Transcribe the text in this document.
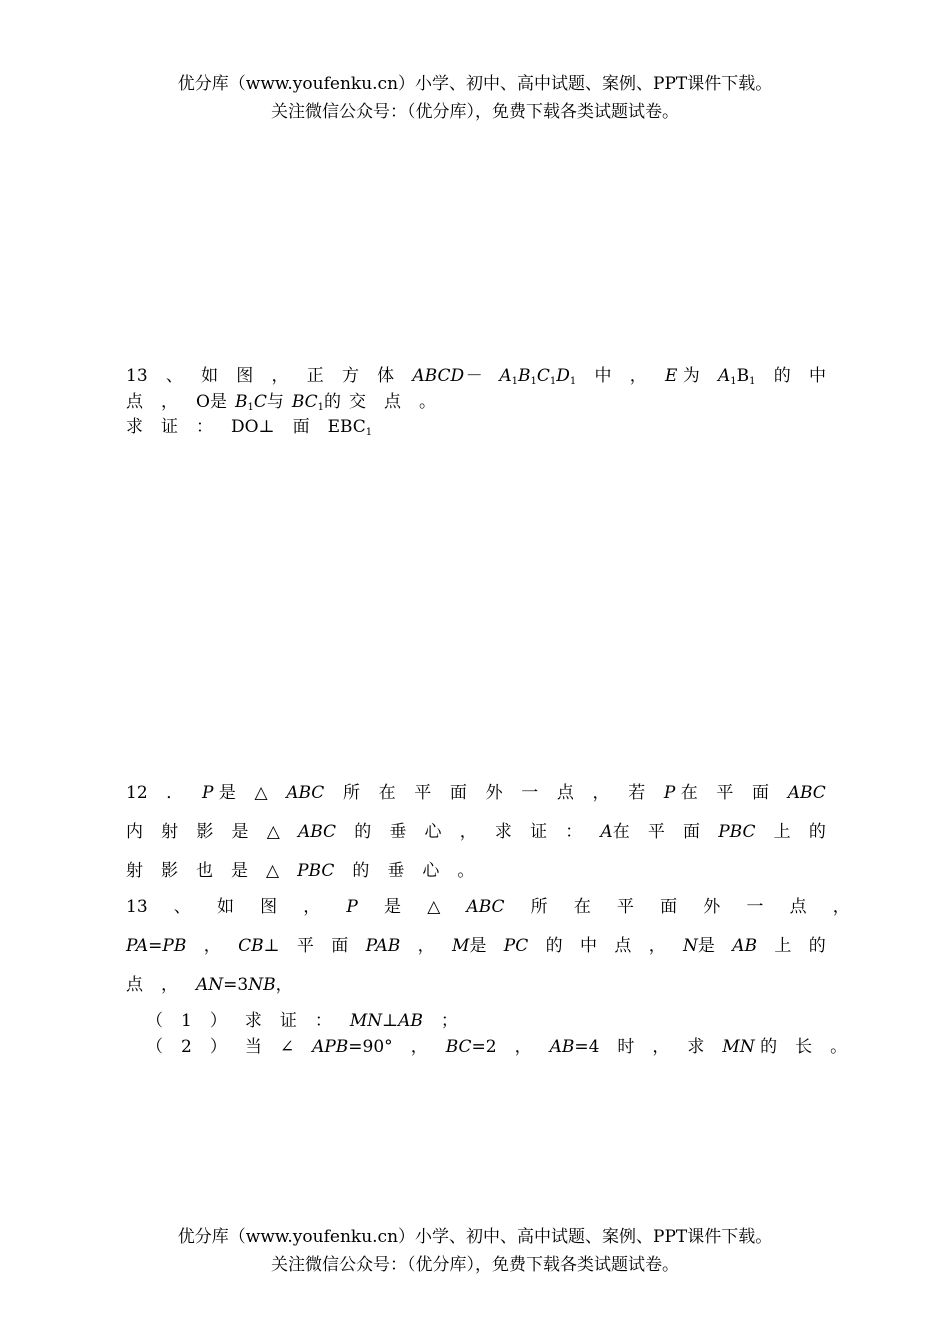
优分库（www.youfenku.cn）小学、初中、高中试题、案例、PPT课件下载。
关注微信公众号：（优分库），免费下载各类试题试卷。
13 、 如 图 ， 正 方 体 ABCD－ $A_1B_1C_1D_1$ 中 ， E 为 $A_1B_1$ 的 中
点 ， O是 $B_1C$与 $BC_1$的 交 点 。
求 证 ： DO⊥ 面 $EBC_1$
12 ． P 是 △ ABC 所 在 平 面 外 一 点 ， 若 P 在 平 面 ABC
内 射 影 是 △ ABC 的 垂 心 ， 求 证 ： A在 平 面 PBC 上 的
射 影 也 是 △ PBC 的 垂 心 。
13 、 如 图 ， P 是 △ ABC 所 在 平 面 外 一 点 ，
PA=PB ， CB⊥ 平 面 PAB ， M是 PC 的 中 点 ， N是 AB 上 的
点 ， AN=3NB，
（ 1 ） 求 证 ： MN⊥AB ；
（ 2 ） 当 ∠ APB=90° ， BC=2 ， AB=4 时 ， 求 MN 的 长 。
优分库（www.youfenku.cn）小学、初中、高中试题、案例、PPT课件下载。
关注微信公众号：（优分库），免费下载各类试题试卷。
